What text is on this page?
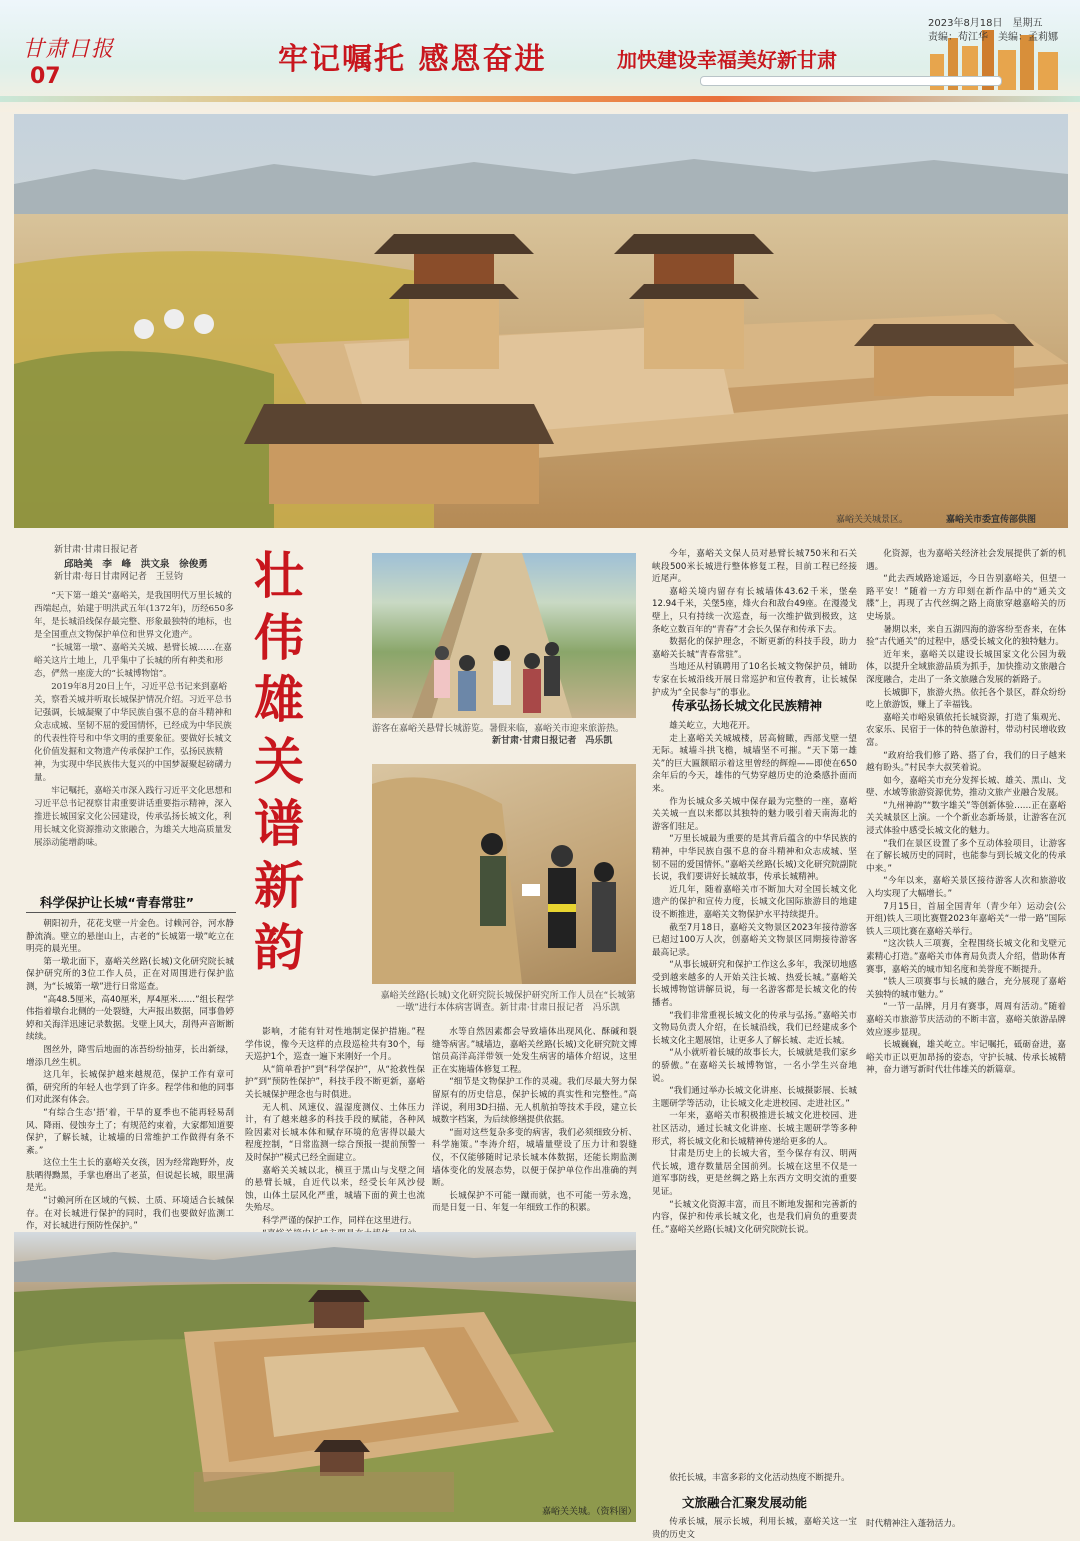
甘肃日报
07	牢记嘱托 感恩奋进	加快建设幸福美好新甘肃
2023年8月18日　星期五
责编：荀江华　美编：孟莉娜
嘉峪关关城景区。	嘉峪关市委宣传部供图
新甘肃·甘肃日报记者
邱晗美　李　峰　洪文泉　徐俊勇
新甘肃·每日甘肃网记者　王昱钧

“天下第一雄关”嘉峪关，是我国明代万里长城的西端起点，始建于明洪武五年(1372年)，历经650多年，是长城沿线保存最完整、形象最独特的地标，也是全国重点文物保护单位和世界文化遗产。

“长城第一墩”、嘉峪关关城、悬臂长城……在嘉峪关这片土地上，几乎集中了长城的所有种类和形态，俨然一座庞大的“长城博物馆”。

2019年8月20日上午，习近平总书记来到嘉峪关，察看关城并听取长城保护情况介绍。习近平总书记强调，长城凝聚了中华民族自强不息的奋斗精神和众志成城、坚韧不屈的爱国情怀，已经成为中华民族的代表性符号和中华文明的重要象征。要做好长城文化价值发掘和文物遗产传承保护工作，弘扬民族精神，为实现中华民族伟大复兴的中国梦凝聚起磅礴力量。

牢记嘱托，嘉峪关市深入践行习近平文化思想和习近平总书记视察甘肃重要讲话重要指示精神，深入推进长城国家文化公园建设，传承弘扬长城文化，利用长城文化资源推动文旅融合，为雄关大地高质量发展添动能增韵味。

壮伟雄关谱新韵
科学保护让长城“青春常驻”

朝阳初升，花花戈壁一片金色。讨赖河谷，河水静静流淌。壁立的悬崖山上，古老的“长城第一墩”屹立在明亮的晨光里。

第一墩北面下，嘉峪关丝路(长城)文化研究院长城保护研究所的3位工作人员，正在对周围进行保护监测，为“长城第一墩”进行日常巡查。

“高48.5厘米，高40厘米，厚4厘米……”组长程学伟指着墩台北侧的一处裂缝，大声报出数据，同事鲁婷婷和关海洋迅速记录数据。戈壁上风大，刮得声音断断续续。

图丝外，降雪后地面的冻苔纷纷抽芽，长出新绿，增添几丝生机。

这几年，长城保护越来越规范，保护工作有章可循，研究所的年轻人也学到了许多。程学伟和他的同事们对此深有体会。

“有综合生态‘捂’着，干旱的夏季也不能再轻易刮风、降雨、侵蚀夯土了；有规范约束着，大家都知道要保护，了解长城，让城墙的日常维护工作做得有条不紊。”

这位土生土长的嘉峪关女孩，因为经常跑野外，皮肤晒得黝黑，手掌也磨出了老茧，但说起长城，眼里满是光。

“讨赖河所在区域的气候、土质、环境适合长城保存。在对长城进行保护的同时，我们也要做好监测工作，对长城进行预防性保护。”

游客在嘉峪关悬臂长城游览。暑假来临，嘉峪关市迎来旅游热。
新甘肃·甘肃日报记者　冯乐凯
嘉峪关丝路(长城)文化研究院长城保护研究所工作人员在“长城第一墩”进行本体病害调查。新甘肃·甘肃日报记者　冯乐凯

影响，才能有针对性地制定保护措施。”程学伟说，像今天这样的点段巡检共有30个，每天巡护1个，巡查一遍下来刚好一个月。

从“简单看护”到“科学保护”，从“抢救性保护”到“预防性保护”，科技手段不断更新，嘉峪关长城保护理念也与时俱进。

无人机、风速仪、温湿度测仪、土体压力计，有了越来越多的科技手段的赋能，各种风险因素对长城本体和赋存环境的危害得以最大程度控制，“日常监测一综合预报一提前预警一及时保护”模式已经全面建立。

嘉峪关关城以北，横亘于黑山与戈壁之间的悬臂长城，自近代以来，经受长年风沙侵蚀，山体土层风化严重，城墙下面的黄土也流失殆尽。

科学严谨的保护工作，同样在这里进行。

水等自然因素都会导致墙体出现风化、酥碱和裂缝等病害。”城墙边，嘉峪关丝路(长城)文化研究院文博馆员高洋高洋带领一处发生病害的墙体介绍说，这里正在实施墙体修复工程。

“细节是文物保护工作的灵魂。我们尽最大努力保留原有的历史信息，保护长城的真实性和完整性。”高洋说，利用3D扫描、无人机航拍等技术手段，建立长城数字档案，为后续修缮提供依据。

“面对这些复杂多变的病害，我们必须细致分析、科学施策。”李涛介绍，城墙量壁设了压力计和裂缝仪，不仅能够随时记录长城本体数据，还能长期监测墙体变化的发展态势，以便于保护单位作出准确的判断。

长城保护不可能一蹴而就，也不可能一劳永逸，而是日复一日、年复一年细致工作的积累。

今年，嘉峪关文保人员对悬臂长城750米和石关峡段500米长城进行整体修复工程，目前工程已经接近尾声。

嘉峪关境内留存有长城墙体43.62千米，堡垒12.94千米，关堡5座，烽火台和敌台49座。在漫漫戈壁上，只有持续一次巡查，每一次维护做到极致，这条屹立数百年的“青春”才会长久保存和传承下去。

数据化的保护理念，不断更新的科技手段，助力嘉峪关长城“青春常驻”。

当地还从村镇聘用了10名长城文物保护员，辅助专家在长城沿线开展日常巡护和宣传教育，让长城保护成为“全民参与”的事业。

传承弘扬长城文化民族精神

雄关屹立，大地花开。

走上嘉峪关关城城楼，居高俯瞰，西部戈壁一望无际。城墙斗拱飞檐，城墙坚不可摧。“天下第一雄关”的巨大匾额昭示着这里曾经的辉煌——即使在650余年后的今天，雄伟的气势穿越历史的沧桑感扑面而来。

作为长城众多关城中保存最为完整的一座，嘉峪关关城一直以来都以其独特的魅力吸引着天南海北的游客们驻足。

“万里长城最为重要的是其背后蕴含的中华民族的精神，中华民族自强不息的奋斗精神和众志成城、坚韧不屈的爱国情怀。”嘉峪关丝路(长城)文化研究院副院长说，我们要讲好长城故事，传承长城精神。

近几年，随着嘉峪关市不断加大对全国长城文化遗产的保护和宣传力度，长城文化国际旅游目的地建设不断推进，嘉峪关文物保护水平持续提升。

截至7月18日，嘉峪关文物景区2023年接待游客已超过100万人次，创嘉峪关文物景区同期接待游客最高记录。

“从事长城研究和保护工作这么多年，我深切地感受到越来越多的人开始关注长城、热爱长城。”嘉峪关长城博物馆讲解员说，每一名游客都是长城文化的传播者。

“我们非常重视长城文化的传承与弘扬。”嘉峪关市文物局负责人介绍，在长城沿线，我们已经建成多个长城文化主题展馆，让更多人了解长城、走近长城。

“从小就听着长城的故事长大，长城就是我们家乡的骄傲。”在嘉峪关长城博物馆，一名小学生兴奋地说。

“我们通过举办长城文化讲座、长城摄影展、长城主题研学等活动，让长城文化走进校园、走进社区。”

一年来，嘉峪关市积极推进长城文化进校园、进社区活动，通过长城文化讲座、长城主题研学等多种形式，将长城文化和长城精神传递给更多的人。

甘肃是历史上的长城大省，至今保存有汉、明两代长城，遗存数量居全国前列。长城在这里不仅是一道军事防线，更是丝绸之路上东西方文明交流的重要见证。

“长城文化资源丰富，而且不断地发掘和完善新的内容，保护和传承长城文化，也是我们肩负的重要责任。”嘉峪关丝路(长城)文化研究院院长说。

依托长城，丰富多彩的文化活动热度不断提升。

文旅融合汇聚发展动能

传承长城，展示长城，利用长城，嘉峪关这一宝贵的历史文

化资源，也为嘉峪关经济社会发展提供了新的机遇。

“此去西域路途遥远，今日告别嘉峪关，但望一路平安！”随着一方方印刻在新作品中的“通关文牒”上，再现了古代丝绸之路上商旅穿越嘉峪关的历史场景。

暑期以来，来自五湖四海的游客纷至沓来，在体验“古代通关”的过程中，感受长城文化的独特魅力。

近年来，嘉峪关以建设长城国家文化公园为载体，以提升全域旅游品质为抓手，加快推动文旅融合深度融合，走出了一条文旅融合发展的新路子。

长城脚下，旅游火热。依托各个景区，群众纷纷吃上旅游饭，赚上了幸福钱。

嘉峪关市峪泉镇依托长城资源，打造了集观光、农家乐、民宿于一体的特色旅游村，带动村民增收致富。

“政府给我们修了路、搭了台，我们的日子越来越有盼头。”村民李大叔笑着说。

如今，嘉峪关市充分发挥长城、雄关、黑山、戈壁、水域等旅游资源优势，推动文旅产业融合发展。

“九州神韵”“数字雄关”等创新体验……正在嘉峪关关城景区上演。一个个新业态新场景，让游客在沉浸式体验中感受长城文化的魅力。

“我们在景区设置了多个互动体验项目，让游客在了解长城历史的同时，也能参与到长城文化的传承中来。”

“今年以来，嘉峪关景区接待游客人次和旅游收入均实现了大幅增长。”

7月15日，首届全国青年（青少年）运动会(公开组)铁人三项比赛暨2023年嘉峪关“一带一路”国际铁人三项比赛在嘉峪关举行。

“这次铁人三项赛，全程围绕长城文化和戈壁元素精心打造。”嘉峪关市体育局负责人介绍，借助体育赛事，嘉峪关的城市知名度和美誉度不断提升。

“铁人三项赛事与长城的融合，充分展现了嘉峪关独特的城市魅力。”

“一节一品牌，月月有赛事，周周有活动。”随着嘉峪关市旅游节庆活动的不断丰富，嘉峪关旅游品牌效应逐步显现。

长城巍巍，雄关屹立。牢记嘱托，砥砺奋进，嘉峪关市正以更加昂扬的姿态，守护长城、传承长城精神，奋力谱写新时代壮伟雄关的新篇章。

时代精神注入蓬勃活力。

嘉峪关关城。（资料图）
